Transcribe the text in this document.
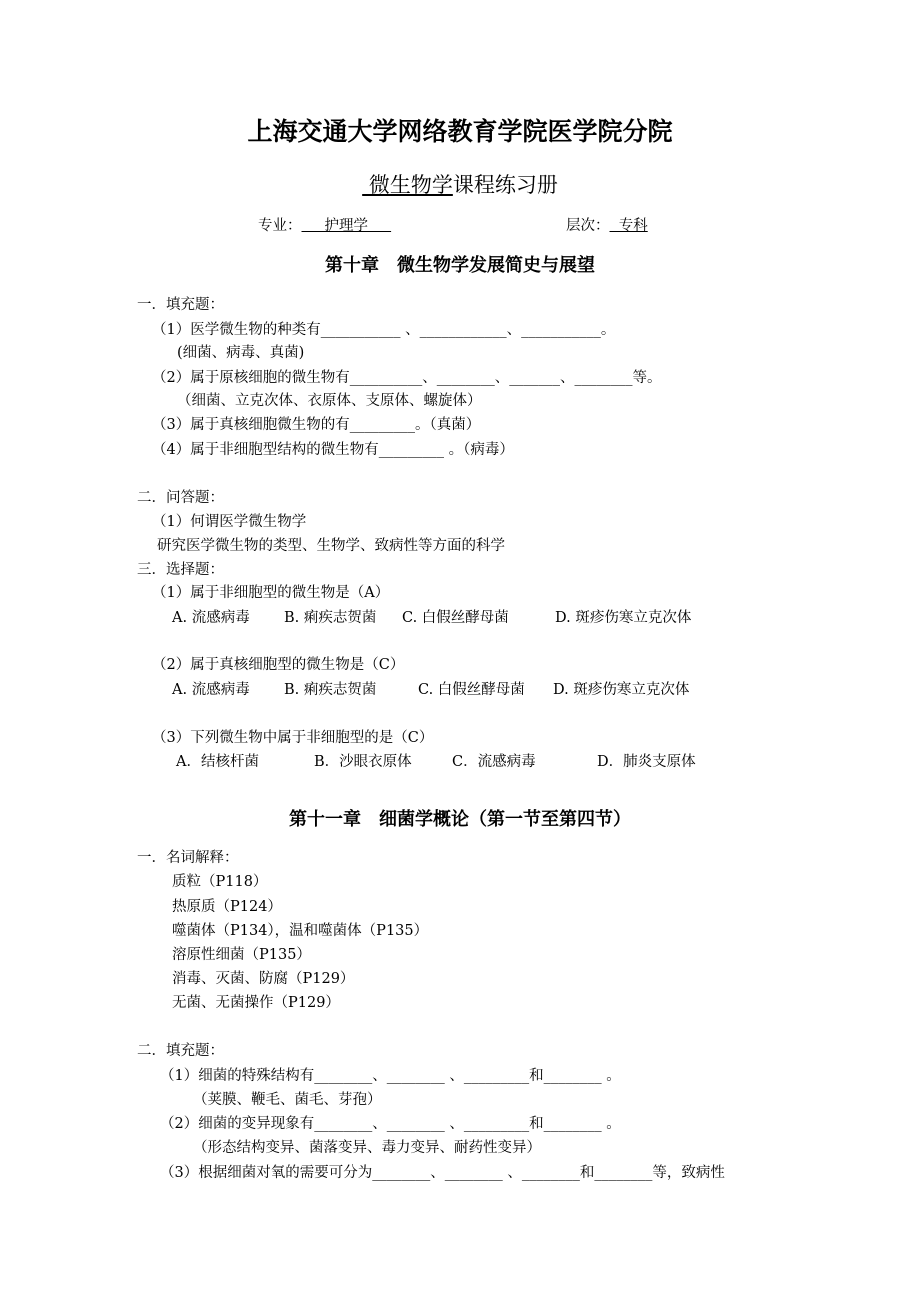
上海交通大学网络教育学院医学院分院
微生物学课程练习册
专业：     护理学	层次：  专科
第十章　微生物学发展简史与展望
一．填充题：
（1）医学微生物的种类有___________ 、____________、___________。
(细菌、病毒、真菌)
（2）属于原核细胞的微生物有__________、________、_______、________等。
（细菌、立克次体、衣原体、支原体、螺旋体）
（3）属于真核细胞微生物的有_________。（真菌）
（4）属于非细胞型结构的微生物有_________ 。（病毒）
二．问答题：
（1）何谓医学微生物学
研究医学微生物的类型、生物学、致病性等方面的科学
三．选择题：
（1）属于非细胞型的微生物是（A）
A. 流感病毒 B. 痢疾志贺菌 C. 白假丝酵母菌	D. 斑疹伤寒立克次体
（2）属于真核细胞型的微生物是（C）
A. 流感病毒 B. 痢疾志贺菌	C. 白假丝酵母菌 D. 斑疹伤寒立克次体
（3）下列微生物中属于非细胞型的是（C）
A．结核杆菌	B．沙眼衣原体	C．流感病毒	D．肺炎支原体
第十一章　细菌学概论（第一节至第四节）
一．名词解释：
质粒（P118）
热原质（P124）
噬菌体（P134），温和噬菌体（P135）
溶原性细菌（P135）
消毒、灭菌、防腐（P129）
无菌、无菌操作（P129）
二．填充题：
（1）细菌的特殊结构有________、________ 、_________和________ 。
（荚膜、鞭毛、菌毛、芽孢）
（2）细菌的变异现象有________、________ 、_________和________ 。
（形态结构变异、菌落变异、毒力变异、耐药性变异）
（3）根据细菌对氧的需要可分为________、________ 、________和________等，致病性
